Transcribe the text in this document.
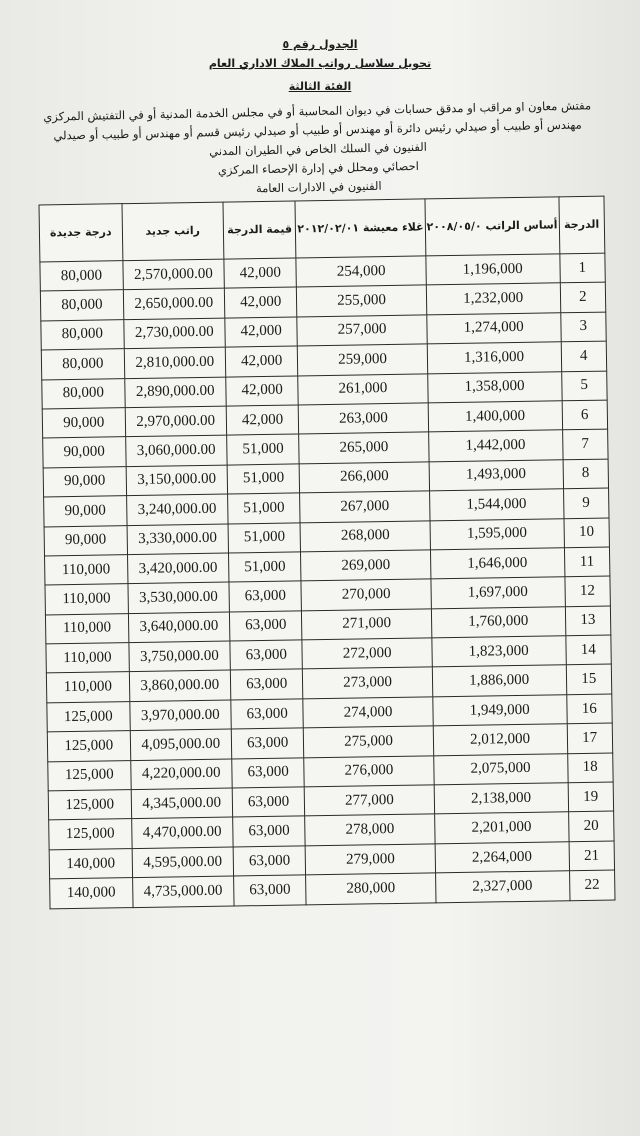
الجدول رقم ٥
تحويل سلاسل رواتب الملاك الاداري العام
الفئة الثالثة
مفتش معاون او مراقب او مدقق حسابات في ديوان المحاسبة أو في مجلس الخدمة المدنية أو في التفتيش المركزي
مهندس أو طبيب أو صيدلي رئيس دائرة أو مهندس أو طبيب أو صيدلي رئيس قسم أو مهندس أو طبيب أو صيدلي
الفنيون في السلك الخاص في الطيران المدني
احصائي ومحلل في إدارة الإحصاء المركزي
الفنيون في الادارات العامة
الدرجة	أساس الراتب ٢٠٠٨/٠٥/٠	غلاء معيشة ٢٠١٢/٠٢/٠١	قيمة الدرجة	راتب جديد	درجة جديدة
1	1,196,000	254,000	42,000	2,570,000.00	80,000
2	1,232,000	255,000	42,000	2,650,000.00	80,000
3	1,274,000	257,000	42,000	2,730,000.00	80,000
4	1,316,000	259,000	42,000	2,810,000.00	80,000
5	1,358,000	261,000	42,000	2,890,000.00	80,000
6	1,400,000	263,000	42,000	2,970,000.00	90,000
7	1,442,000	265,000	51,000	3,060,000.00	90,000
8	1,493,000	266,000	51,000	3,150,000.00	90,000
9	1,544,000	267,000	51,000	3,240,000.00	90,000
10	1,595,000	268,000	51,000	3,330,000.00	90,000
11	1,646,000	269,000	51,000	3,420,000.00	110,000
12	1,697,000	270,000	63,000	3,530,000.00	110,000
13	1,760,000	271,000	63,000	3,640,000.00	110,000
14	1,823,000	272,000	63,000	3,750,000.00	110,000
15	1,886,000	273,000	63,000	3,860,000.00	110,000
16	1,949,000	274,000	63,000	3,970,000.00	125,000
17	2,012,000	275,000	63,000	4,095,000.00	125,000
18	2,075,000	276,000	63,000	4,220,000.00	125,000
19	2,138,000	277,000	63,000	4,345,000.00	125,000
20	2,201,000	278,000	63,000	4,470,000.00	125,000
21	2,264,000	279,000	63,000	4,595,000.00	140,000
22	2,327,000	280,000	63,000	4,735,000.00	140,000
